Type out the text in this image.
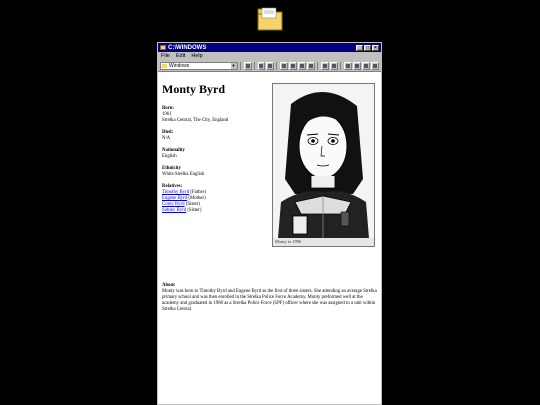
C:\WINDOWS	_	□	×
File Edit Help
Windows	▼
Monty Byrd
Born:
1961
Strelka Central, The City, England
Died:
N/A
Nationality
English
Ethnicity
White Strelka English
Relatives:
Timothy Byrd (Father)
Eugene Byrd (Mother)
Corey Byrd (Sister)
Sidney Byrd (Sister)
Monty in 1996
About
Monty was born to Timothy Byrd and Eugene Byrd as the first of three sisters. She attending an average Strelka primary school and was then enrolled in the Strelka Police Force Academy. Monty preformed well at the academy and graduated in 1980 as a Strelka Police Force (SPF) officer where she was assigned to a unit within Strelka Central.
